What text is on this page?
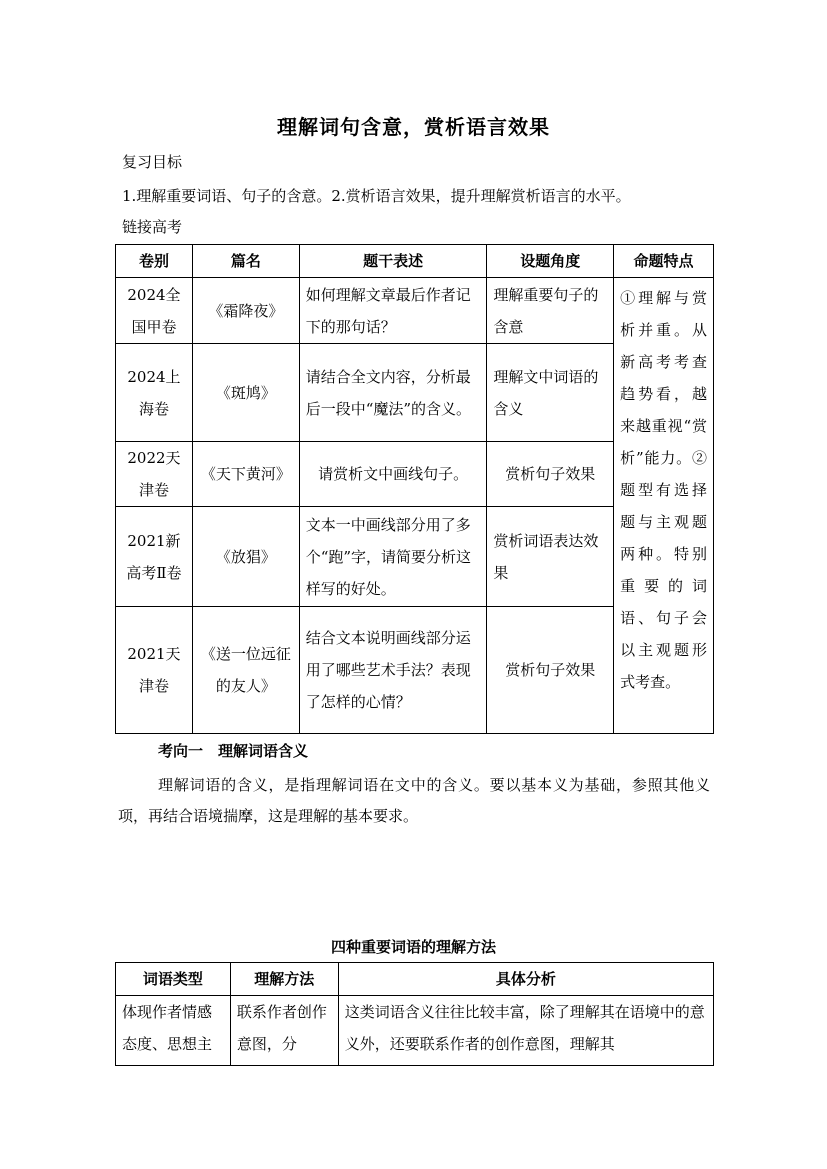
理解词句含意，赏析语言效果
复习目标
1.理解重要词语、句子的含意。2.赏析语言效果，提升理解赏析语言的水平。
链接高考
卷别	篇名	题干表述	设题角度	命题特点
2024全国甲卷	《霜降夜》	如何理解文章最后作者记下的那句话？	理解重要句子的含意	①理解与赏析并重。从新高考考查趋势看，越来越重视“赏析”能力。②题型有选择题与主观题两种。特别重要的词语、句子会以主观题形式考查。
2024上海卷	《斑鸠》	请结合全文内容，分析最后一段中“魔法”的含义。	理解文中词语的含义	
2022天津卷	《天下黄河》	请赏析文中画线句子。	赏析句子效果	
2021新高考Ⅱ卷	《放猖》	文本一中画线部分用了多个“跑”字，请简要分析这样写的好处。	赏析词语表达效果	
2021天津卷	《送一位远征的友人》	结合文本说明画线部分运用了哪些艺术手法？表现了怎样的心情？	赏析句子效果	
考向一　理解词语含义
理解词语的含义，是指理解词语在文中的含义。要以基本义为基础，参照其他义项，再结合语境揣摩，这是理解的基本要求。
四种重要词语的理解方法
词语类型	理解方法	具体分析
体现作者情感态度、思想主	联系作者创作意图，分	这类词语含义往往比较丰富，除了理解其在语境中的意义外，还要联系作者的创作意图，理解其
